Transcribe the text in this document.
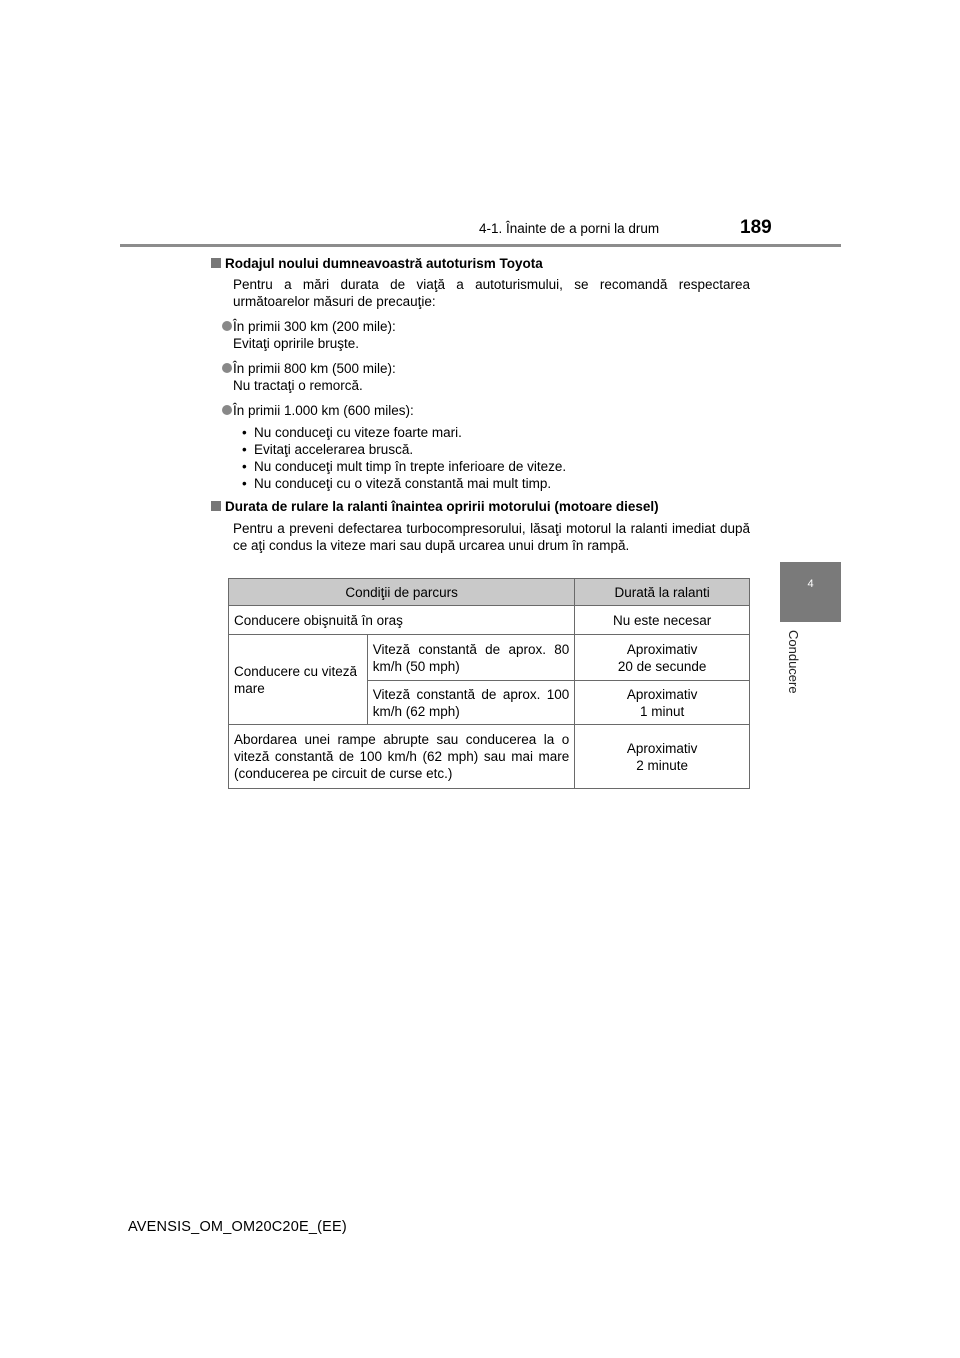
4-1. Înainte de a porni la drum	189
4
Conducere

Rodajul noului dumneavoastră autoturism Toyota

Pentru a mări durata de viaţă a autoturismului, se recomandă respectarea următoarelor măsuri de precauţie:

În primii 300 km (200 mile):
Evitaţi opririle bruşte.
În primii 800 km (500 mile):
Nu tractaţi o remorcă.
În primii 1.000 km (600 miles):
• Nu conduceţi cu viteze foarte mari.
• Evitaţi accelerarea bruscă.
• Nu conduceţi mult timp în trepte inferioare de viteze.
• Nu conduceţi cu o viteză constantă mai mult timp.

Durata de rulare la ralanti înaintea opririi motorului (motoare diesel)

Pentru a preveni defectarea turbocompresorului, lăsaţi motorul la ralanti imediat după ce aţi condus la viteze mari sau după urcarea unui drum în rampă.

Condiţii de parcurs		Durată la ralanti
Conducere obişnuită în oraş		Nu este necesar
Conducere cu viteză mare	Viteză constantă de aprox. 80 km/h (50 mph)	Aproximativ
20 de secunde

	Viteză constantă de aprox. 100 km/h (62 mph)	Aproximativ
1 minut

Abordarea unei rampe abrupte sau conducerea la o viteză constantă de 100 km/h (62 mph) sau mai mare (conducerea pe circuit de curse etc.)		Aproximativ
2 minute
AVENSIS_OM_OM20C20E_(EE)
